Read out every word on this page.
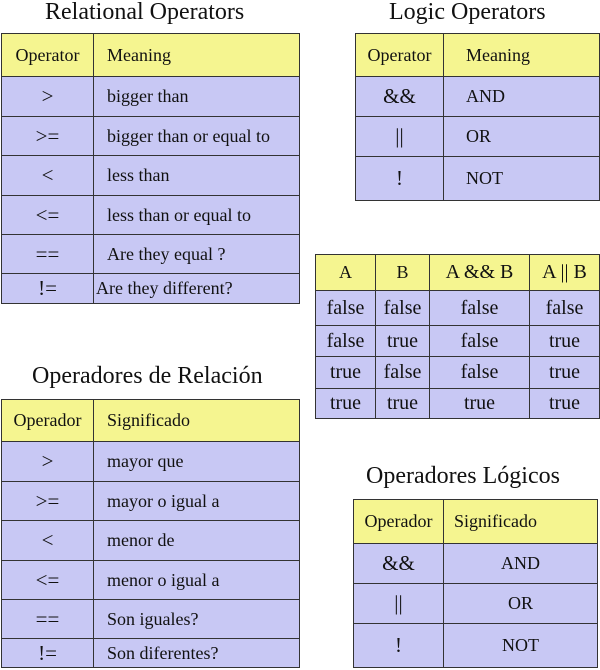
Relational Operators
Operator	Meaning
>	bigger than
>=	bigger than or equal to
<	less than
<=	less than or equal to
==	Are they equal ?
!=	Are they different?
Logic Operators
Operator	Meaning
&&	AND
||	OR
!	NOT
A	B	A && B	A || B
false	false	false	false
false	true	false	true
true	false	false	true
true	true	true	true
Operadores de Relación
Operador	Significado
>	mayor que
>=	mayor o igual a
<	menor de
<=	menor o igual a
==	Son iguales?
!=	Son diferentes?
Operadores Lógicos
Operador	Significado
&&	AND
||	OR
!	NOT
